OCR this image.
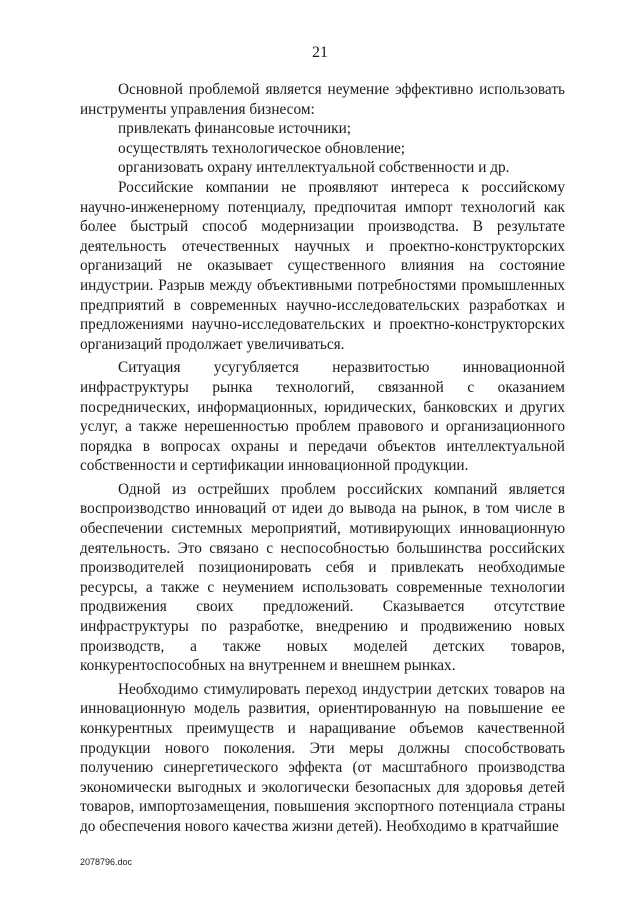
21

Основной проблемой является неумение эффективно использовать инструменты управления бизнесом:

привлекать финансовые источники;

осуществлять технологическое обновление;

организовать охрану интеллектуальной собственности и др.

Российские компании не проявляют интереса к российскому научно-инженерному потенциалу, предпочитая импорт технологий как более быстрый способ модернизации производства. В результате деятельность отечественных научных и проектно-конструкторских организаций не оказывает существенного влияния на состояние индустрии. Разрыв между объективными потребностями промышленных предприятий в современных научно-исследовательских разработках и предложениями научно-исследовательских и проектно-конструкторских организаций продолжает увеличиваться.

Ситуация усугубляется неразвитостью инновационной инфраструктуры рынка технологий, связанной с оказанием посреднических, информационных, юридических, банковских и других услуг, а также нерешенностью проблем правового и организационного порядка в вопросах охраны и передачи объектов интеллектуальной собственности и сертификации инновационной продукции.

Одной из острейших проблем российских компаний является воспроизводство инноваций от идеи до вывода на рынок, в том числе в обеспечении системных мероприятий, мотивирующих инновационную деятельность. Это связано с неспособностью большинства российских производителей позиционировать себя и привлекать необходимые ресурсы, а также с неумением использовать современные технологии продвижения своих предложений. Сказывается отсутствие инфраструктуры по разработке, внедрению и продвижению новых производств, а также новых моделей детских товаров, конкурентоспособных на внутреннем и внешнем рынках.

Необходимо стимулировать переход индустрии детских товаров на инновационную модель развития, ориентированную на повышение ее конкурентных преимуществ и наращивание объемов качественной продукции нового поколения. Эти меры должны способствовать получению синергетического эффекта (от масштабного производства экономически выгодных и экологически безопасных для здоровья детей товаров, импортозамещения, повышения экспортного потенциала страны до обеспечения нового качества жизни детей). Необходимо в кратчайшие

2078796.doc
